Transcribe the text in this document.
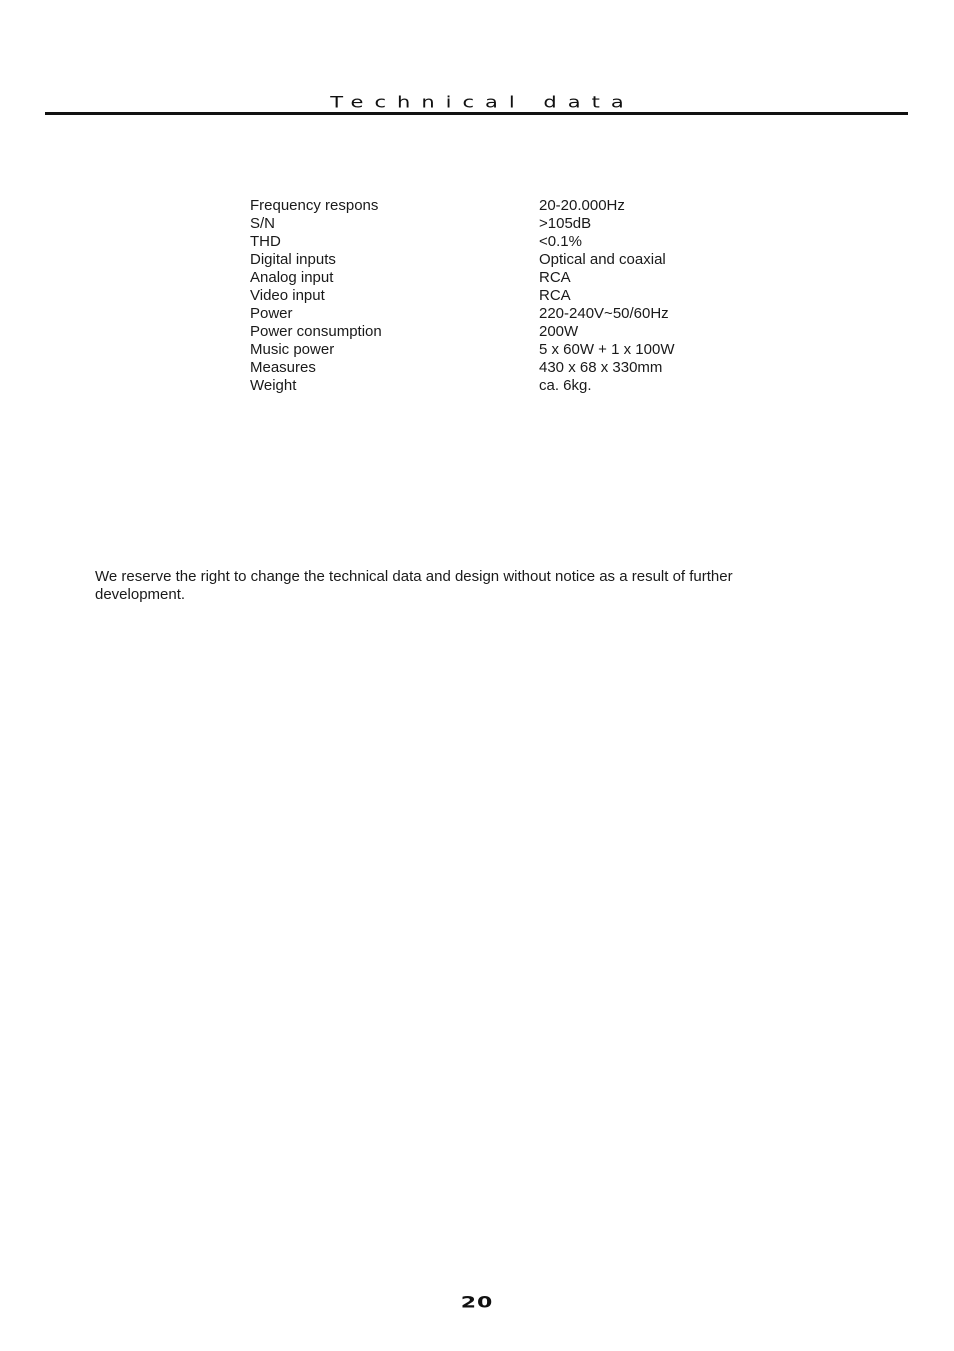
Technical data
Frequency respons	20-20.000Hz
S/N	>105dB
THD	<0.1%
Digital inputs	Optical and coaxial
Analog input	RCA
Video input	RCA
Power	220-240V~50/60Hz
Power consumption	200W
Music power	5 x 60W + 1 x 100W
Measures	430 x 68 x 330mm
Weight	ca. 6kg.

We reserve the right to change the technical data and design without notice as a result of further development.

20
